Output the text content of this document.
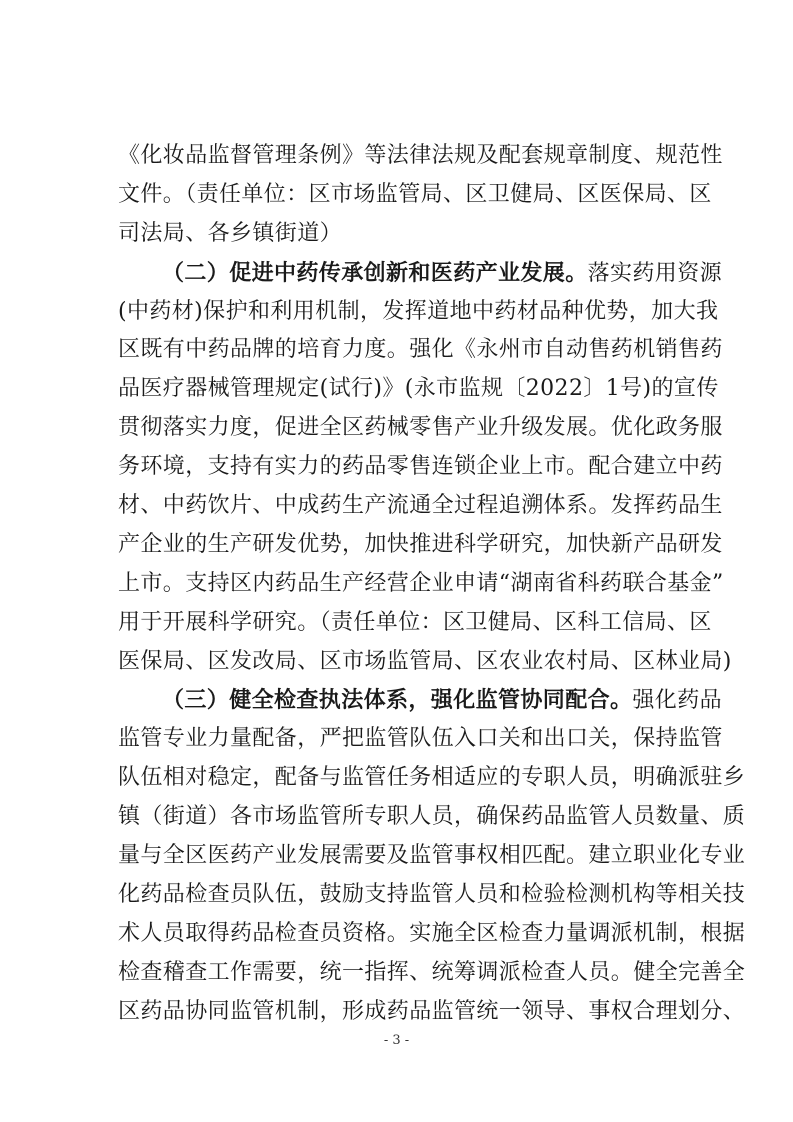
《化妆品监督管理条例》等法律法规及配套规章制度、规范性
文件。（责任单位：区市场监管局、区卫健局、区医保局、区
司法局、各乡镇街道）
（二）促进中药传承创新和医药产业发展。落实药用资源
(中药材)保护和利用机制，发挥道地中药材品种优势，加大我
区既有中药品牌的培育力度。强化《永州市自动售药机销售药
品医疗器械管理规定(试行)》(永市监规〔2022〕1号)的宣传
贯彻落实力度，促进全区药械零售产业升级发展。优化政务服
务环境，支持有实力的药品零售连锁企业上市。配合建立中药
材、中药饮片、中成药生产流通全过程追溯体系。发挥药品生
产企业的生产研发优势，加快推进科学研究，加快新产品研发
上市。支持区内药品生产经营企业申请“湖南省科药联合基金”
用于开展科学研究。（责任单位：区卫健局、区科工信局、区
医保局、区发改局、区市场监管局、区农业农村局、区林业局)
（三）健全检查执法体系，强化监管协同配合。强化药品
监管专业力量配备，严把监管队伍入口关和出口关，保持监管
队伍相对稳定，配备与监管任务相适应的专职人员，明确派驻乡
镇（街道）各市场监管所专职人员，确保药品监管人员数量、质
量与全区医药产业发展需要及监管事权相匹配。建立职业化专业
化药品检查员队伍，鼓励支持监管人员和检验检测机构等相关技
术人员取得药品检查员资格。实施全区检查力量调派机制，根据
检查稽查工作需要，统一指挥、统筹调派检查人员。健全完善全
区药品协同监管机制，形成药品监管统一领导、事权合理划分、
- 3 -
